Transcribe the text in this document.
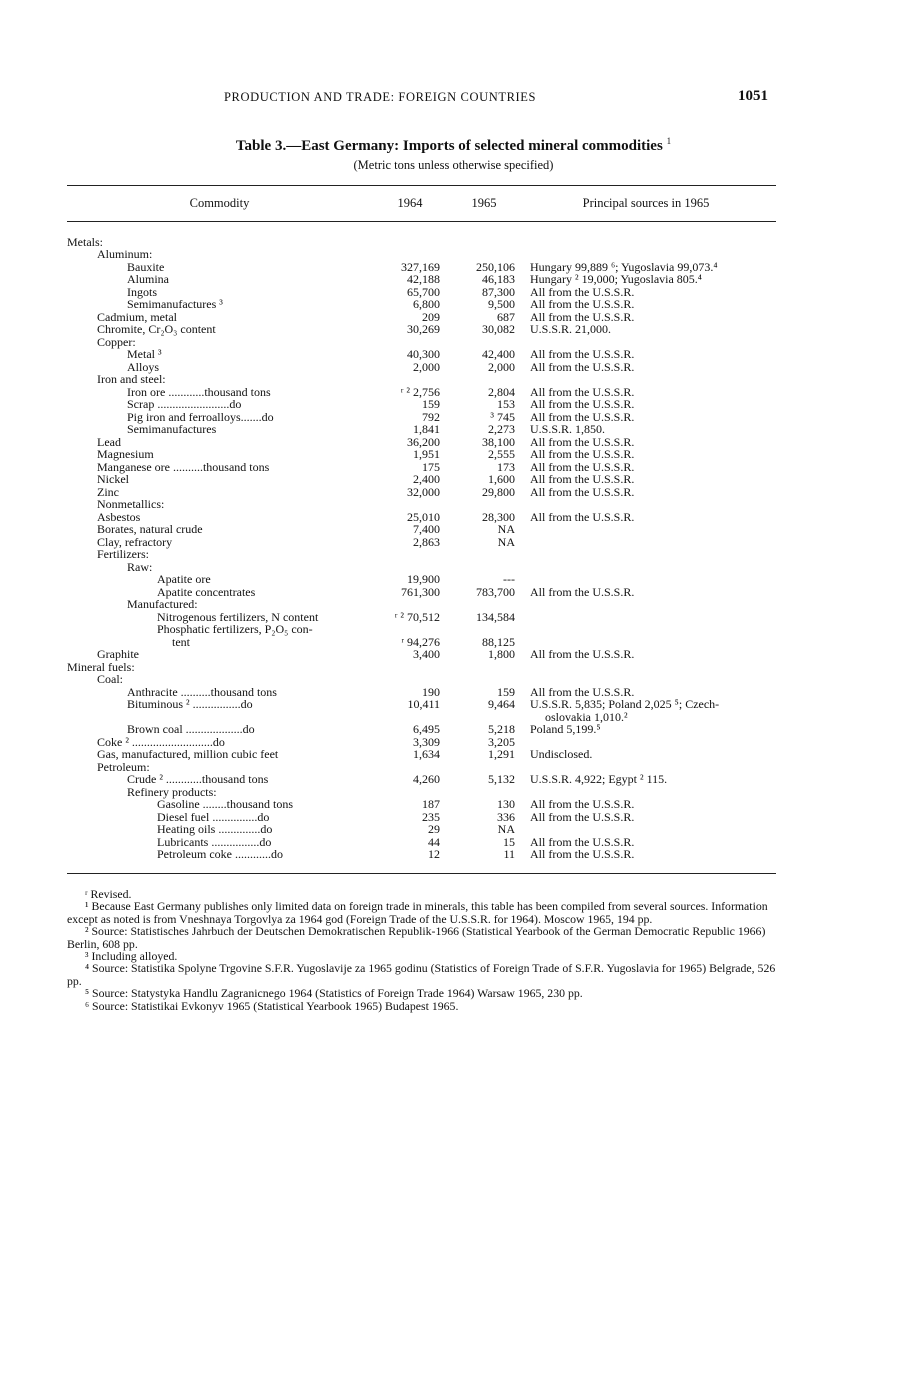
PRODUCTION AND TRADE: FOREIGN COUNTRIES	1051
Table 3.—East Germany: Imports of selected mineral commodities $^1$
(Metric tons unless otherwise specified)
Commodity	1964	1965	Principal sources in 1965
Metals:
Aluminum:
Bauxite	327,169	250,106 Hungary 99,889 ⁶; Yugoslavia 99,073.⁴
Alumina	42,188	46,183 Hungary ² 19,000; Yugoslavia 805.⁴
Ingots	65,700	87,300 All from the U.S.S.R.
Semimanufactures ³	6,800	9,500 All from the U.S.S.R.
Cadmium, metal	209	687 All from the U.S.S.R.
Chromite, Cr₂O₃ content	30,269	30,082 U.S.S.R. 21,000.
Copper:
Metal ³	40,300	42,400 All from the U.S.S.R.
Alloys	2,000	2,000 All from the U.S.S.R.
Iron and steel:
Iron ore ............thousand tons	ʳ ² 2,756	2,804 All from the U.S.S.R.
Scrap ........................do	159	153 All from the U.S.S.R.
Pig iron and ferroalloys.......do	792	³ 745 All from the U.S.S.R.
Semimanufactures	1,841	2,273 U.S.S.R. 1,850.
Lead	36,200	38,100 All from the U.S.S.R.
Magnesium	1,951	2,555 All from the U.S.S.R.
Manganese ore ..........thousand tons	175	173 All from the U.S.S.R.
Nickel	2,400	1,600 All from the U.S.S.R.
Zinc	32,000	29,800 All from the U.S.S.R.
Nonmetallics:
Asbestos	25,010	28,300 All from the U.S.S.R.
Borates, natural crude	7,400	NA
Clay, refractory	2,863	NA
Fertilizers:
Raw:
Apatite ore	19,900	---
Apatite concentrates	761,300	783,700 All from the U.S.S.R.
Manufactured:
Nitrogenous fertilizers, N content	ʳ ² 70,512	134,584
Phosphatic fertilizers, P₂O₅ con-
tent	ʳ 94,276	88,125
Graphite	3,400	1,800 All from the U.S.S.R.
Mineral fuels:
Coal:
Anthracite ..........thousand tons	190	159 All from the U.S.S.R.
Bituminous ² ................do	10,411	9,464 U.S.S.R. 5,835; Poland 2,025 ⁵; Czech-
oslovakia 1,010.²
Brown coal ...................do	6,495	5,218 Poland 5,199.⁵
Coke ² ...........................do	3,309	3,205
Gas, manufactured, million cubic feet	1,634	1,291 Undisclosed.
Petroleum:
Crude ² ............thousand tons	4,260	5,132 U.S.S.R. 4,922; Egypt ² 115.
Refinery products:
Gasoline ........thousand tons	187	130 All from the U.S.S.R.
Diesel fuel ...............do	235	336 All from the U.S.S.R.
Heating oils ..............do	29	NA
Lubricants ................do	44	15 All from the U.S.S.R.
Petroleum coke ............do	12	11 All from the U.S.S.R.

ʳ Revised.

¹ Because East Germany publishes only limited data on foreign trade in minerals, this table has been compiled from several sources. Information except as noted is from Vneshnaya Torgovlya za 1964 god (Foreign Trade of the U.S.S.R. for 1964). Moscow 1965, 194 pp.

² Source: Statistisches Jahrbuch der Deutschen Demokratischen Republik-1966 (Statistical Yearbook of the German Democratic Republic 1966) Berlin, 608 pp.

³ Including alloyed.

⁴ Source: Statistika Spolyne Trgovine S.F.R. Yugoslavije za 1965 godinu (Statistics of Foreign Trade of S.F.R. Yugoslavia for 1965) Belgrade, 526 pp.

⁵ Source: Statystyka Handlu Zagranicnego 1964 (Statistics of Foreign Trade 1964) Warsaw 1965, 230 pp.

⁶ Source: Statistikai Evkonyv 1965 (Statistical Yearbook 1965) Budapest 1965.
